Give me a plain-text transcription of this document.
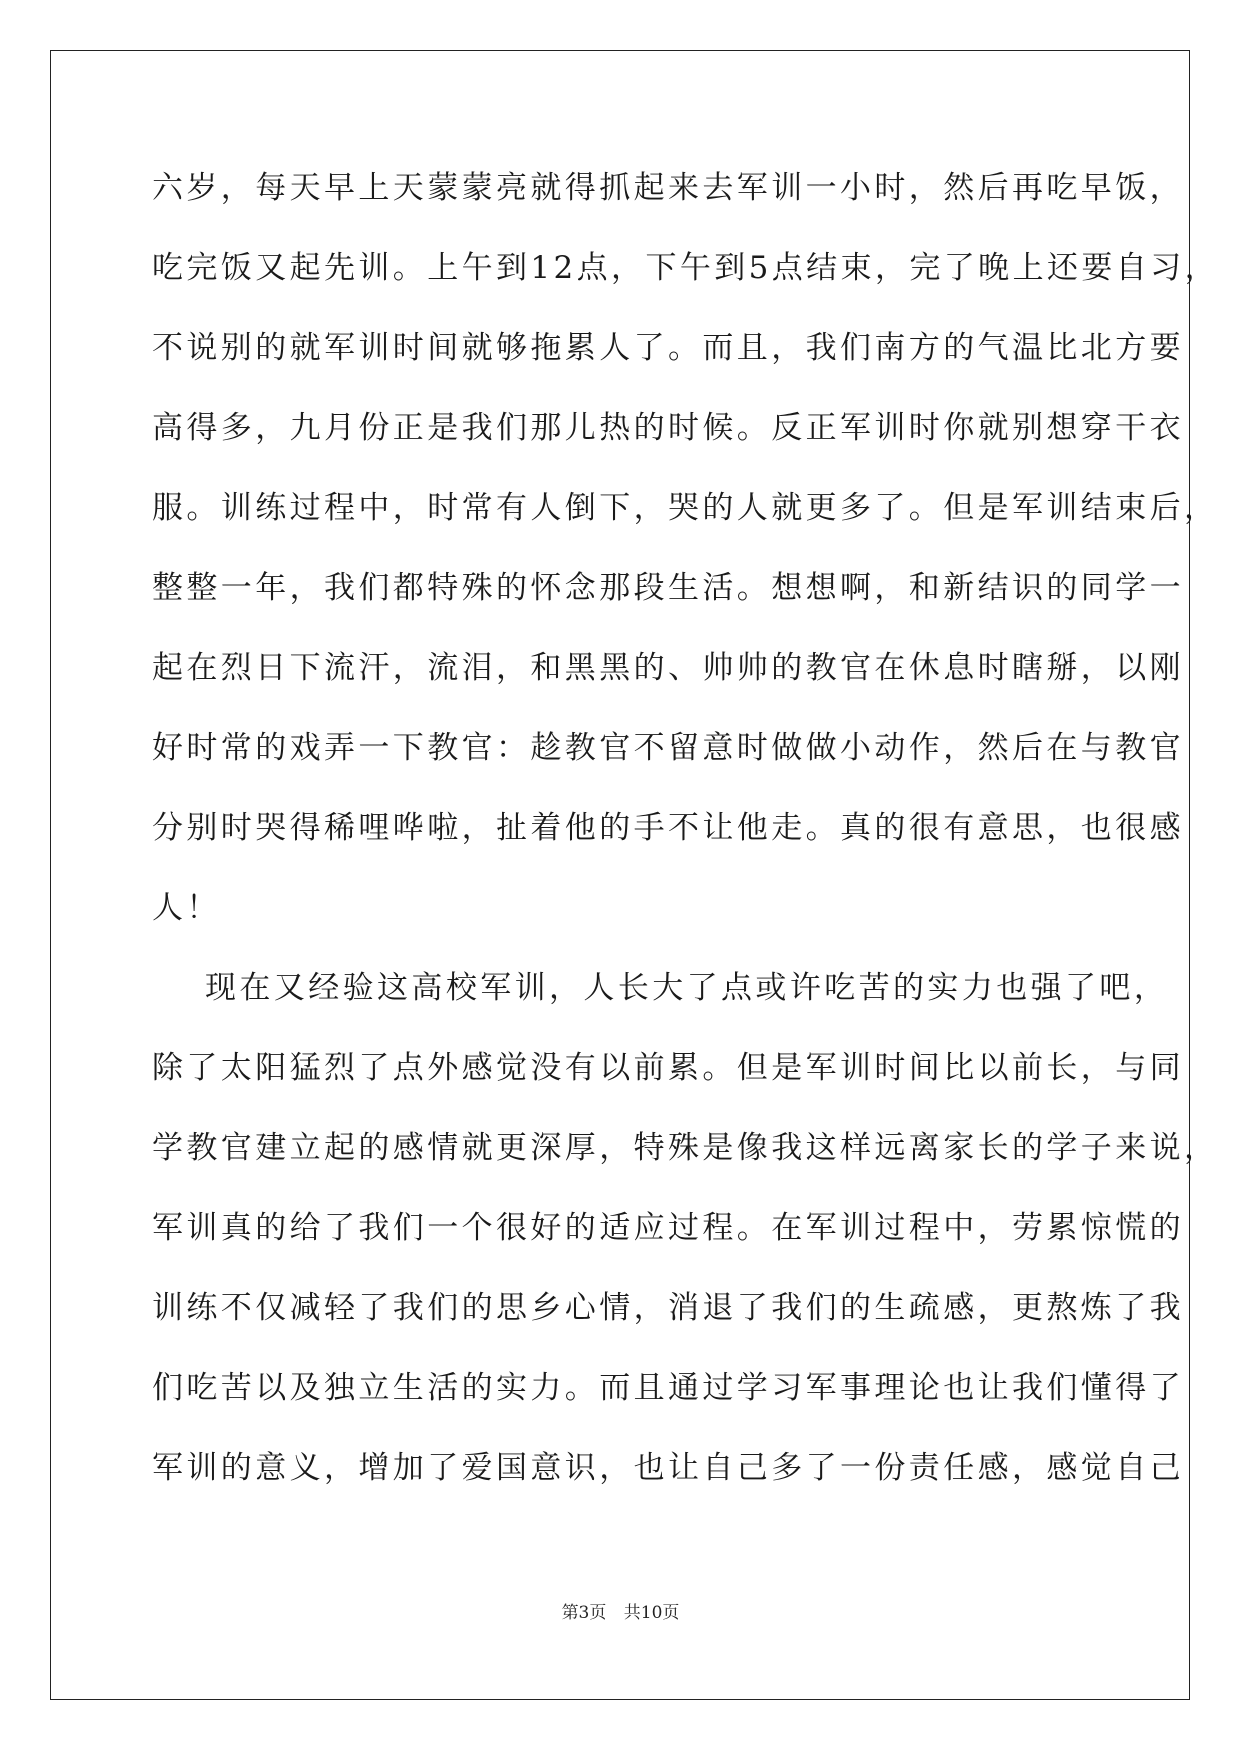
六岁，每天早上天蒙蒙亮就得抓起来去军训一小时，然后再吃早饭，
吃完饭又起先训。上午到12点，下午到5点结束，完了晚上还要自习，
不说别的就军训时间就够拖累人了。而且，我们南方的气温比北方要
高得多，九月份正是我们那儿热的时候。反正军训时你就别想穿干衣
服。训练过程中，时常有人倒下，哭的人就更多了。但是军训结束后，
整整一年，我们都特殊的怀念那段生活。想想啊，和新结识的同学一
起在烈日下流汗，流泪，和黑黑的、帅帅的教官在休息时瞎掰，以刚
好时常的戏弄一下教官：趁教官不留意时做做小动作，然后在与教官
分别时哭得稀哩哗啦，扯着他的手不让他走。真的很有意思，也很感
人！
现在又经验这高校军训，人长大了点或许吃苦的实力也强了吧，
除了太阳猛烈了点外感觉没有以前累。但是军训时间比以前长，与同
学教官建立起的感情就更深厚，特殊是像我这样远离家长的学子来说，
军训真的给了我们一个很好的适应过程。在军训过程中，劳累惊慌的
训练不仅减轻了我们的思乡心情，消退了我们的生疏感，更熬炼了我
们吃苦以及独立生活的实力。而且通过学习军事理论也让我们懂得了
军训的意义，增加了爱国意识，也让自己多了一份责任感，感觉自己
第3页 共10页
